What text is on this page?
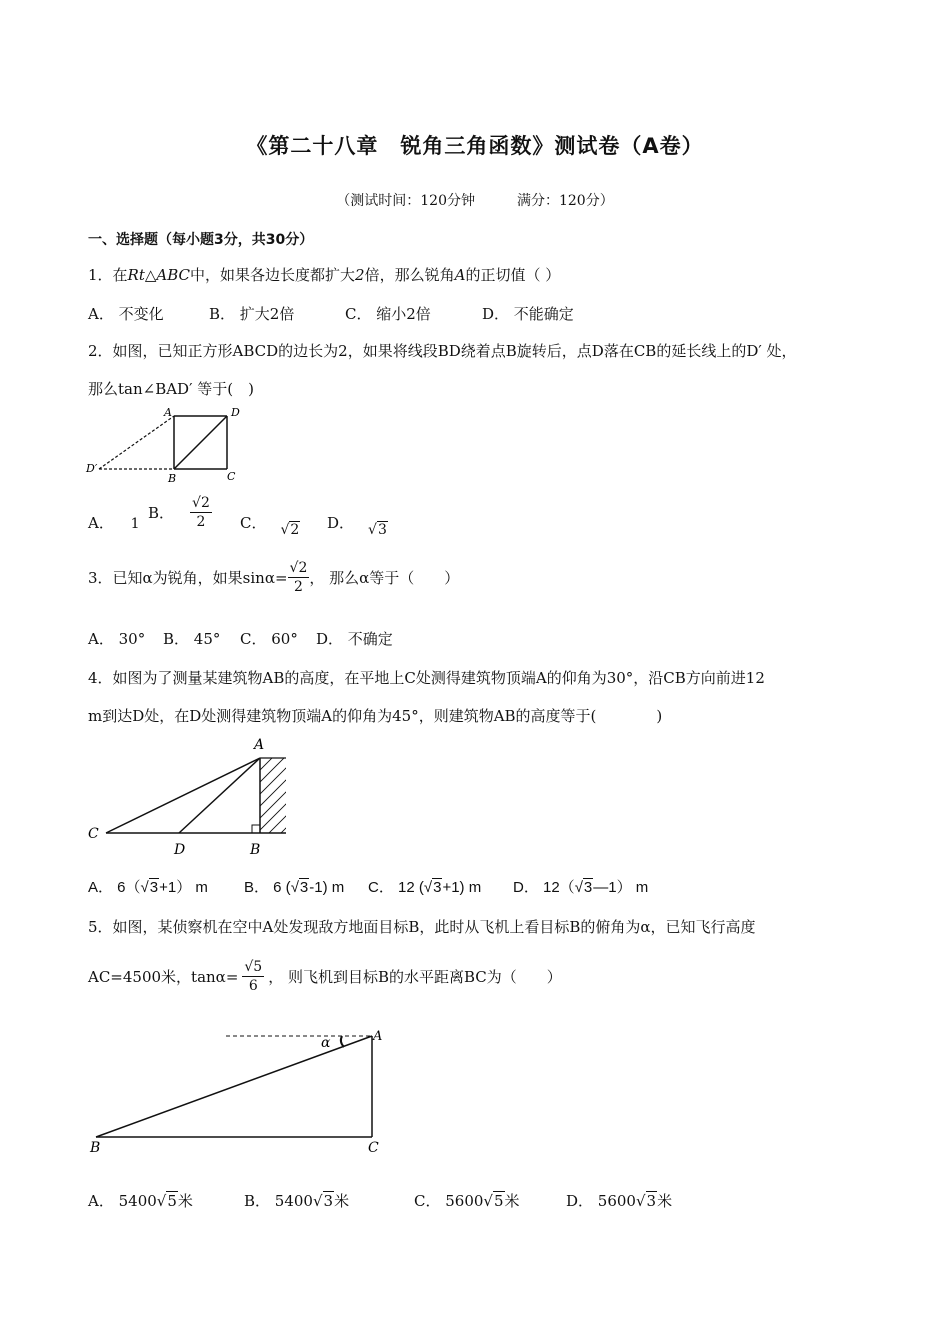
《第二十八章　锐角三角函数》测试卷（A卷）
（测试时间：120分钟　　　满分：120分）
一、选择题（每小题3分，共30分）
1．在Rt△ABC中，如果各边长度都扩大2倍，那么锐角A的正切值（ ）
A． 不变化	B． 扩大2倍	C． 缩小2倍	D． 不能确定
2．如图，已知正方形ABCD的边长为2，如果将线段BD绕着点B旋转后，点D落在CB的延长线上的D′ 处，
那么tan∠BAD′ 等于(　)
A	D
B	C
D′
A． 1
B． $\frac{√2}{2}$ C． √2 D． √3
3．已知α为锐角，如果$\sin\alpha= \frac{√2}{2}$ ， 那么α等于（　　）
A． 30° B． 45° C． 60° D． 不确定
4．如图为了测量某建筑物AB的高度，在平地上C处测得建筑物顶端A的仰角为30°，沿CB方向前进12
m到达D处，在D处测得建筑物顶端A的仰角为45°，则建筑物AB的高度等于(　　　　)
A
C
D	B
A． 6（√3+1） m B． 6 (√3-1) m C． 12 (√3+1) m D． 12（√3—1） m
5．如图，某侦察机在空中A处发现敌方地面目标B，此时从飞机上看目标B的俯角为α，已知飞行高度
AC=4500米，$\tan\alpha= \frac{√5}{6}$ ， 则飞机到目标B的水平距离BC为（　　）
α	A
B	C
A． 5400√5米	B． 5400√3米	C． 5600√5米	D． 5600√3米
